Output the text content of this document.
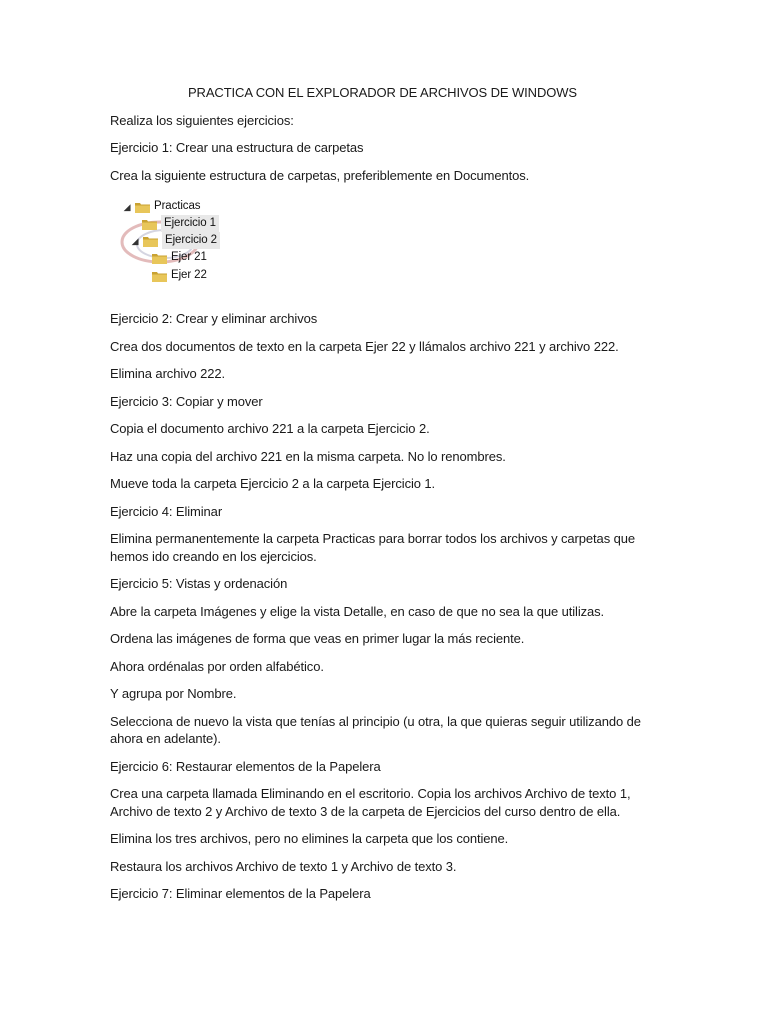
PRACTICA CON EL EXPLORADOR DE ARCHIVOS DE WINDOWS

Realiza los siguientes ejercicios:

Ejercicio 1: Crear una estructura de carpetas

Crea la siguiente estructura de carpetas, preferiblemente en Documentos.

◢ Practicas
Ejercicio 1
◢ Ejercicio 2
Ejer 21
Ejer 22

Ejercicio 2: Crear y eliminar archivos

Crea dos documentos de texto en la carpeta Ejer 22 y llámalos archivo 221 y archivo 222.

Elimina archivo 222.

Ejercicio 3: Copiar y mover

Copia el documento archivo 221 a la carpeta Ejercicio 2.

Haz una copia del archivo 221 en la misma carpeta. No lo renombres.

Mueve toda la carpeta Ejercicio 2 a la carpeta Ejercicio 1.

Ejercicio 4: Eliminar

Elimina permanentemente la carpeta Practicas para borrar todos los archivos y carpetas que hemos ido creando en los ejercicios.

Ejercicio 5: Vistas y ordenación

Abre la carpeta Imágenes y elige la vista Detalle, en caso de que no sea la que utilizas.

Ordena las imágenes de forma que veas en primer lugar la más reciente.

Ahora ordénalas por orden alfabético.

Y agrupa por Nombre.

Selecciona de nuevo la vista que tenías al principio (u otra, la que quieras seguir utilizando de ahora en adelante).

Ejercicio 6: Restaurar elementos de la Papelera

Crea una carpeta llamada Eliminando en el escritorio. Copia los archivos Archivo de texto 1, Archivo de texto 2 y Archivo de texto 3 de la carpeta de Ejercicios del curso dentro de ella.

Elimina los tres archivos, pero no elimines la carpeta que los contiene.

Restaura los archivos Archivo de texto 1 y Archivo de texto 3.

Ejercicio 7: Eliminar elementos de la Papelera
